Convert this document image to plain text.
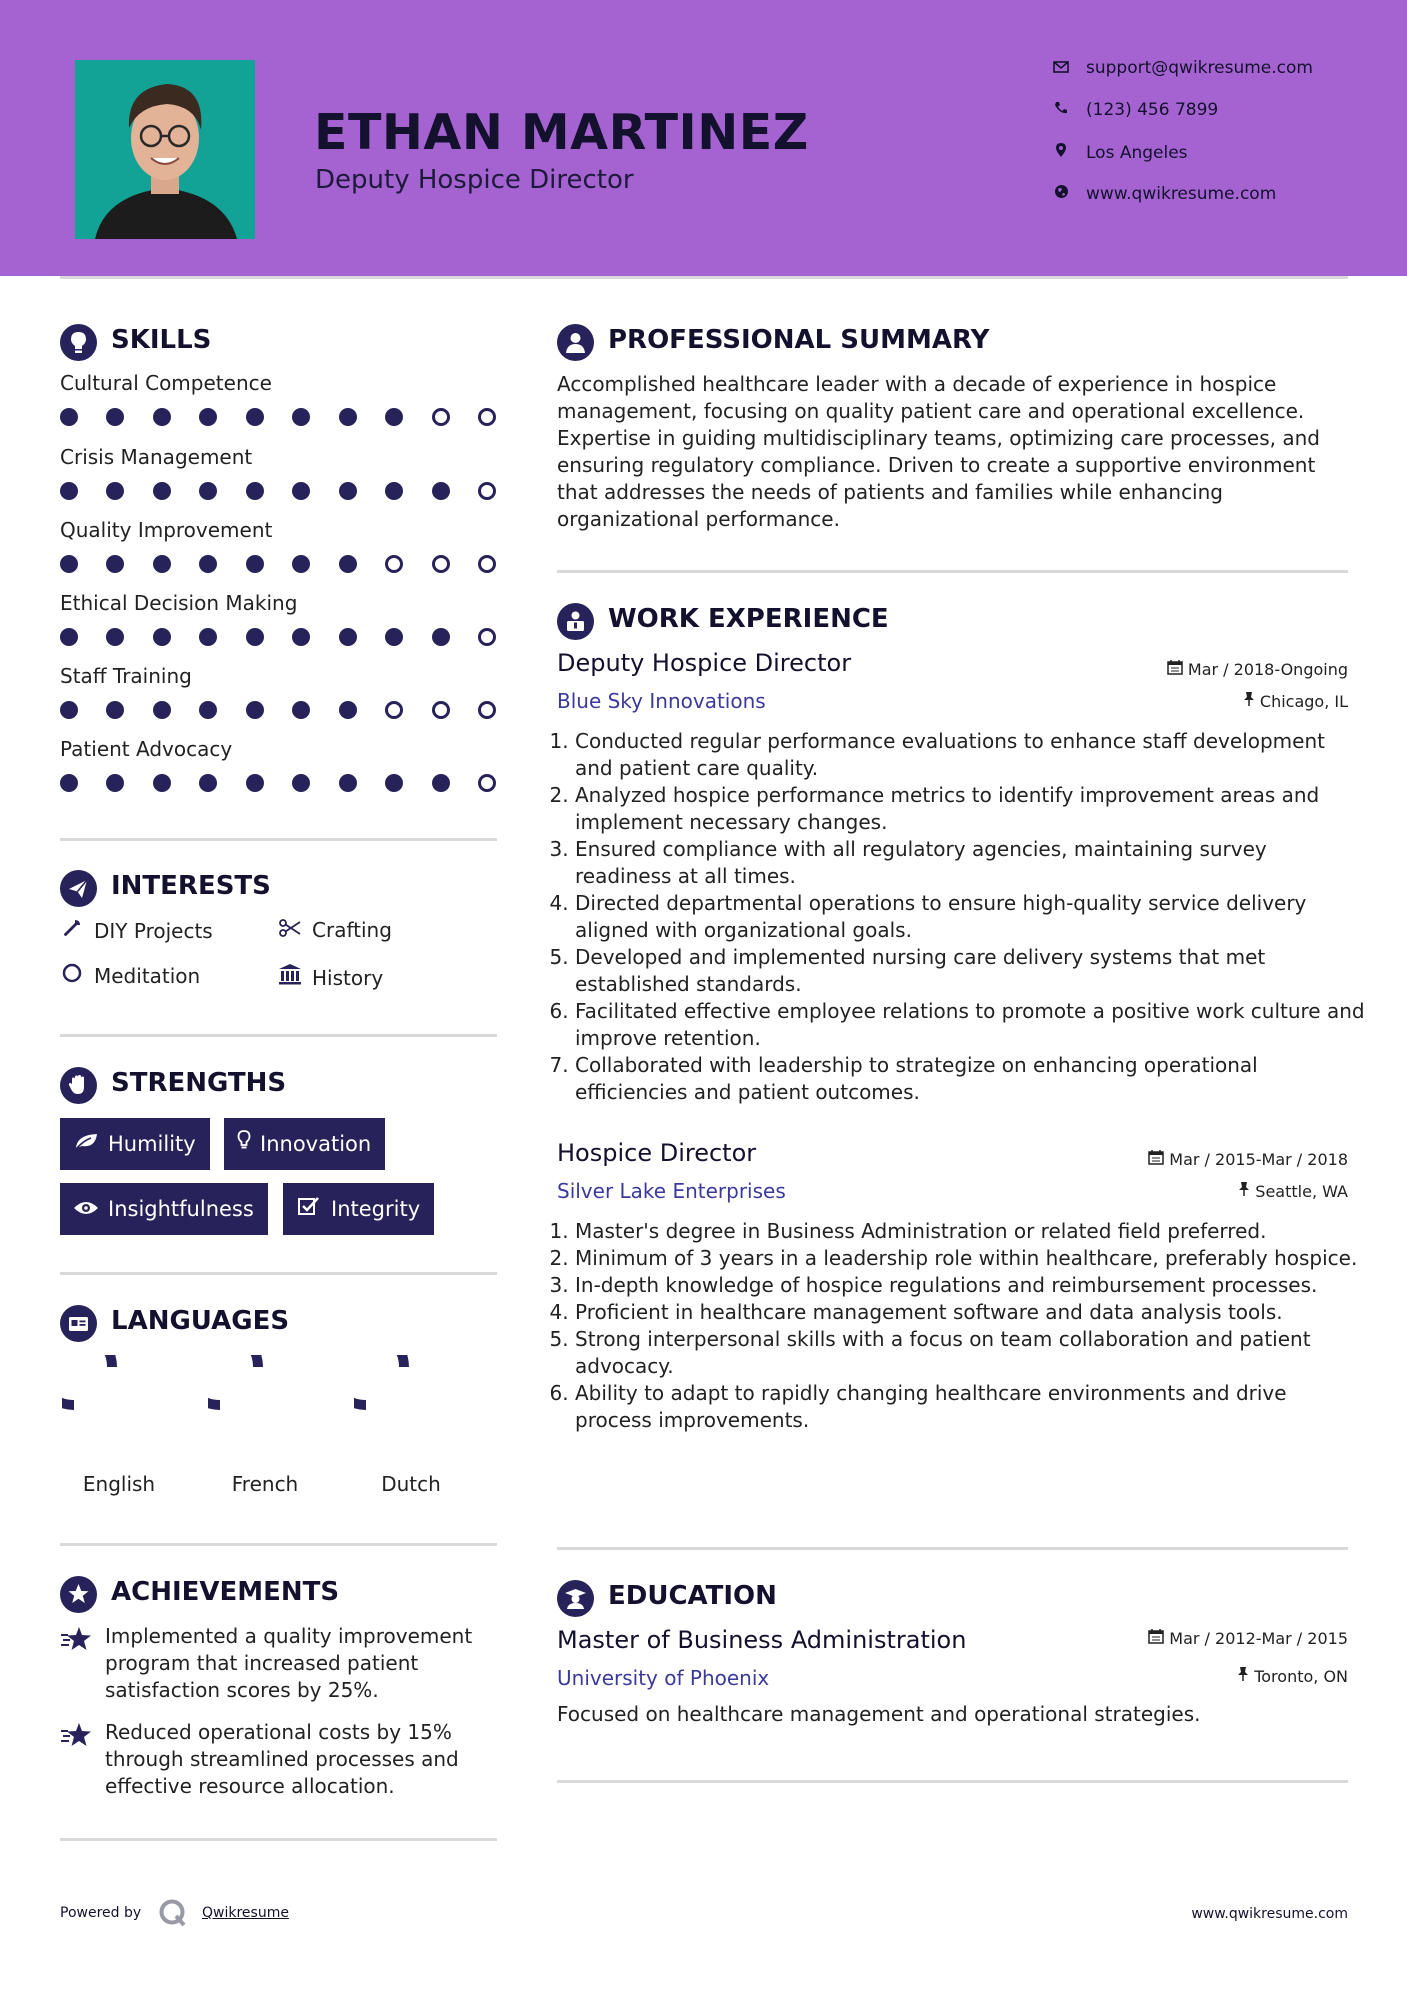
ETHAN MARTINEZ
Deputy Hospice Director
support@qwikresume.com
(123) 456 7899
Los Angeles
www.qwikresume.com
SKILLS
Cultural Competence
Crisis Management
Quality Improvement
Ethical Decision Making
Staff Training
Patient Advocacy
INTERESTS
DIY Projects	Crafting
Meditation	History
STRENGTHS
Humility	Innovation
Insightfulness	Integrity
LANGUAGES
English	French	Dutch
ACHIEVEMENTS
Implemented a quality improvement program that increased patient satisfaction scores by 25%.
Reduced operational costs by 15% through streamlined processes and effective resource allocation.
PROFESSIONAL SUMMARY
Accomplished healthcare leader with a decade of experience in hospice management, focusing on quality patient care and operational excellence. Expertise in guiding multidisciplinary teams, optimizing care processes, and ensuring regulatory compliance. Driven to create a supportive environment that addresses the needs of patients and families while enhancing organizational performance.
WORK EXPERIENCE
Deputy Hospice Director
Blue Sky Innovations
Mar / 2018-Ongoing
Chicago, IL
1. Conducted regular performance evaluations to enhance staff development and patient care quality.
2. Analyzed hospice performance metrics to identify improvement areas and implement necessary changes.
3. Ensured compliance with all regulatory agencies, maintaining survey readiness at all times.
4. Directed departmental operations to ensure high-quality service delivery aligned with organizational goals.
5. Developed and implemented nursing care delivery systems that met established standards.
6. Facilitated effective employee relations to promote a positive work culture and improve retention.
7. Collaborated with leadership to strategize on enhancing operational efficiencies and patient outcomes.
Hospice Director
Silver Lake Enterprises
Mar / 2015-Mar / 2018
Seattle, WA
1. Master's degree in Business Administration or related field preferred.
2. Minimum of 3 years in a leadership role within healthcare, preferably hospice.
3. In-depth knowledge of hospice regulations and reimbursement processes.
4. Proficient in healthcare management software and data analysis tools.
5. Strong interpersonal skills with a focus on team collaboration and patient advocacy.
6. Ability to adapt to rapidly changing healthcare environments and drive process improvements.
EDUCATION
Master of Business Administration
University of Phoenix
Mar / 2012-Mar / 2015
Toronto, ON
Focused on healthcare management and operational strategies.
Powered by	Qwikresume	www.qwikresume.com
